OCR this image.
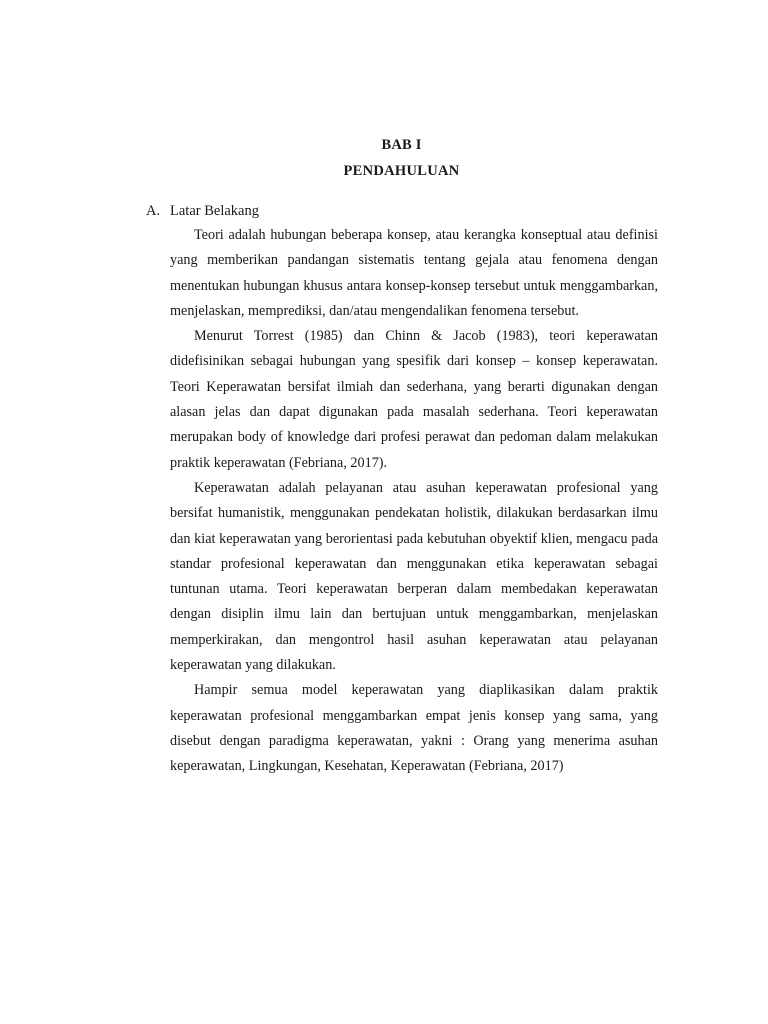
BAB I
PENDAHULUAN
A. Latar Belakang

Teori adalah hubungan beberapa konsep, atau kerangka konseptual atau definisi yang memberikan pandangan sistematis tentang gejala atau fenomena dengan menentukan hubungan khusus antara konsep-konsep tersebut untuk menggambarkan, menjelaskan, memprediksi, dan/atau mengendalikan fenomena tersebut.

Menurut Torrest (1985) dan Chinn & Jacob (1983), teori keperawatan didefisinikan sebagai hubungan yang spesifik dari konsep – konsep keperawatan. Teori Keperawatan bersifat ilmiah dan sederhana, yang berarti digunakan dengan alasan jelas dan dapat digunakan pada masalah sederhana. Teori keperawatan merupakan body of knowledge dari profesi perawat dan pedoman dalam melakukan praktik keperawatan (Febriana, 2017).

Keperawatan adalah pelayanan atau asuhan keperawatan profesional yang bersifat humanistik, menggunakan pendekatan holistik, dilakukan berdasarkan ilmu dan kiat keperawatan yang berorientasi pada kebutuhan obyektif klien, mengacu pada standar profesional keperawatan dan menggunakan etika keperawatan sebagai tuntunan utama. Teori keperawatan berperan dalam membedakan keperawatan dengan disiplin ilmu lain dan bertujuan untuk menggambarkan, menjelaskan memperkirakan, dan mengontrol hasil asuhan keperawatan atau pelayanan keperawatan yang dilakukan.

Hampir semua model keperawatan yang diaplikasikan dalam praktik keperawatan profesional menggambarkan empat jenis konsep yang sama, yang disebut dengan paradigma keperawatan, yakni : Orang yang menerima asuhan keperawatan, Lingkungan, Kesehatan, Keperawatan (Febriana, 2017)
